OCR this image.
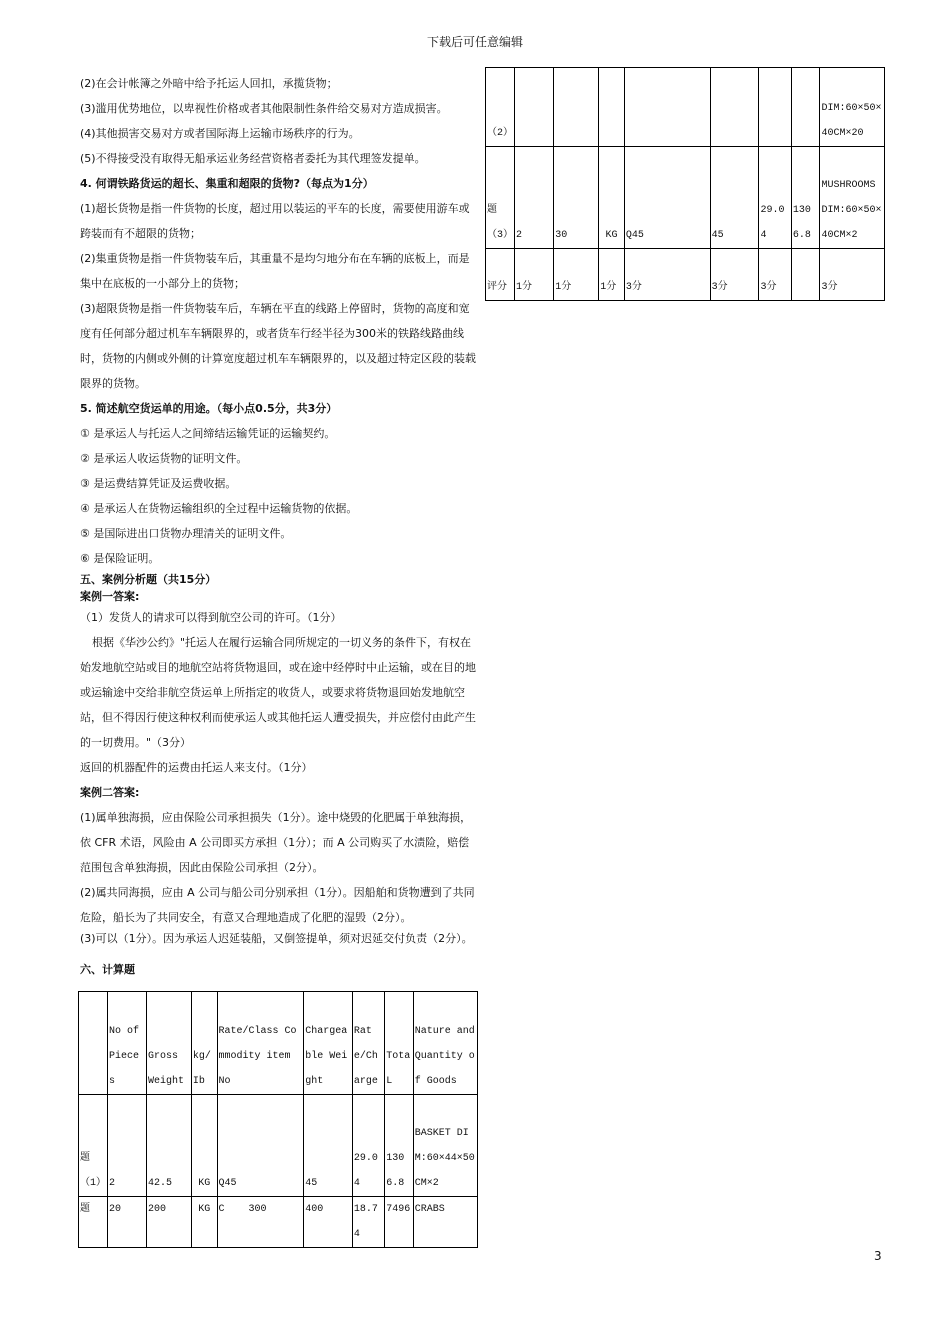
下载后可任意编辑

(2)在会计帐簿之外暗中给予托运人回扣，承揽货物；

(3)滥用优势地位，以卑视性价格或者其他限制性条件给交易对方造成损害。

(4)其他损害交易对方或者国际海上运输市场秩序的行为。

(5)不得接受没有取得无船承运业务经营资格者委托为其代理签发提单。

4. 何谓铁路货运的超长、集重和超限的货物?（每点为1分）

(1)超长货物是指一件货物的长度，超过用以装运的平车的长度，需要使用游车或跨装而有不超限的货物；

(2)集重货物是指一件货物装车后，其重量不是均匀地分布在车辆的底板上，而是集中在底板的一小部分上的货物；

(3)超限货物是指一件货物装车后，车辆在平直的线路上停留时，货物的高度和宽度有任何部分超过机车车辆限界的，或者货车行经半径为300米的铁路线路曲线时，货物的内侧或外侧的计算宽度超过机车车辆限界的，以及超过特定区段的装载限界的货物。

5. 简述航空货运单的用途。（每小点0.5分，共3分）

① 是承运人与托运人之间缔结运输凭证的运输契约。

② 是承运人收运货物的证明文件。

③ 是运费结算凭证及运费收据。

④ 是承运人在货物运输组织的全过程中运输货物的依据。

⑤ 是国际进出口货物办理清关的证明文件。

⑥ 是保险证明。

五、案例分析题（共15分）

案例一答案:

（1）发货人的请求可以得到航空公司的许可。（1分）

根据《华沙公约》"托运人在履行运输合同所规定的一切义务的条件下，有权在始发地航空站或目的地航空站将货物退回，或在途中经停时中止运输，或在目的地或运输途中交给非航空货运单上所指定的收货人，或要求将货物退回始发地航空站，但不得因行使这种权利而使承运人或其他托运人遭受损失，并应偿付由此产生的一切费用。"（3分）

返回的机器配件的运费由托运人来支付。（1分）

案例二答案:

(1)属单独海损，应由保险公司承担损失（1分）。途中烧毁的化肥属于单独海损，依 CFR 术语，风险由 A 公司即买方承担（1分）；而 A 公司购买了水渍险，赔偿范围包含单独海损，因此由保险公司承担（2分）。

(2)属共同海损，应由 A 公司与船公司分别承担（1分）。因船舶和货物遭到了共同危险，船长为了共同安全，有意又合理地造成了化肥的湿毁（2分）。

(3)可以（1分）。因为承运人迟延装船，又倒签提单，须对迟延交付负责（2分）。

六、计算题

（2）								DIM:60×50×40CM×20
题（3）	2	30	KG	Q45	45	29.04	1306.8	MUSHROOMS DIM:60×50×40CM×2
评分	1分	1分	1分	3分	3分	3分		3分
	No of Pieces	Gross Weight	kg/Ib	Rate/Class Commodity item No	Chargeable Weight	Rate/Charge	TotaL	Nature and Quantity of Goods
题（1）	2	42.5	KG	Q45	45	29.04	1306.8	BASKET DIM:60×44×50CM×2
题	20	200	KG	C    300	400	18.74	7496	CRABS
3
